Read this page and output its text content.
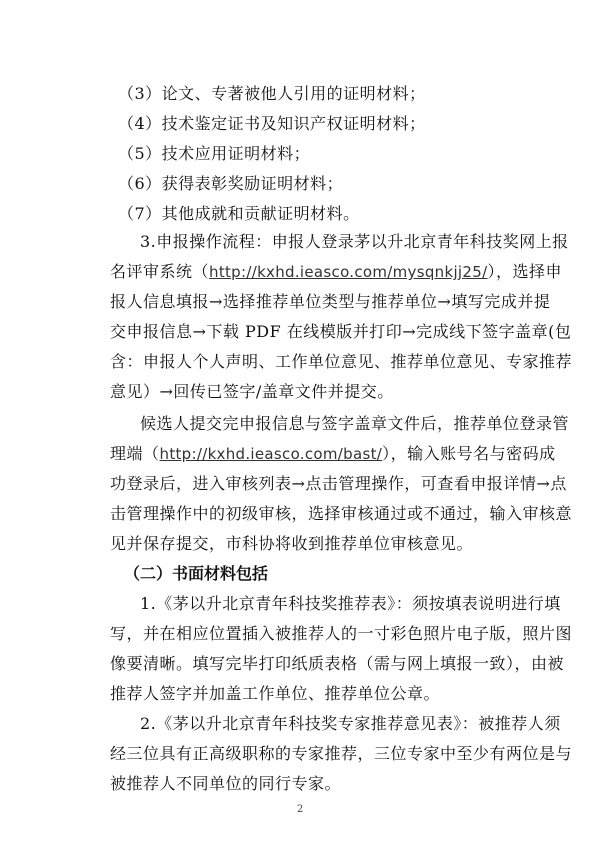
（3）论文、专著被他人引用的证明材料；
（4）技术鉴定证书及知识产权证明材料；
（5）技术应用证明材料；
（6）获得表彰奖励证明材料；
（7）其他成就和贡献证明材料。
3.申报操作流程：申报人登录茅以升北京青年科技奖网上报
名评审系统（http://kxhd.ieasco.com/mysqnkjj25/），选择申
报人信息填报→选择推荐单位类型与推荐单位→填写完成并提
交申报信息→下载 PDF 在线模版并打印→完成线下签字盖章(包
含：申报人个人声明、工作单位意见、推荐单位意见、专家推荐
意见）→回传已签字/盖章文件并提交。
候选人提交完申报信息与签字盖章文件后，推荐单位登录管
理端（http://kxhd.ieasco.com/bast/），输入账号名与密码成
功登录后，进入审核列表→点击管理操作，可查看申报详情→点
击管理操作中的初级审核，选择审核通过或不通过，输入审核意
见并保存提交，市科协将收到推荐单位审核意见。
（二）书面材料包括
1.《茅以升北京青年科技奖推荐表》：须按填表说明进行填
写，并在相应位置插入被推荐人的一寸彩色照片电子版，照片图
像要清晰。填写完毕打印纸质表格（需与网上填报一致），由被
推荐人签字并加盖工作单位、推荐单位公章。
2.《茅以升北京青年科技奖专家推荐意见表》：被推荐人须
经三位具有正高级职称的专家推荐，三位专家中至少有两位是与
被推荐人不同单位的同行专家。
2
